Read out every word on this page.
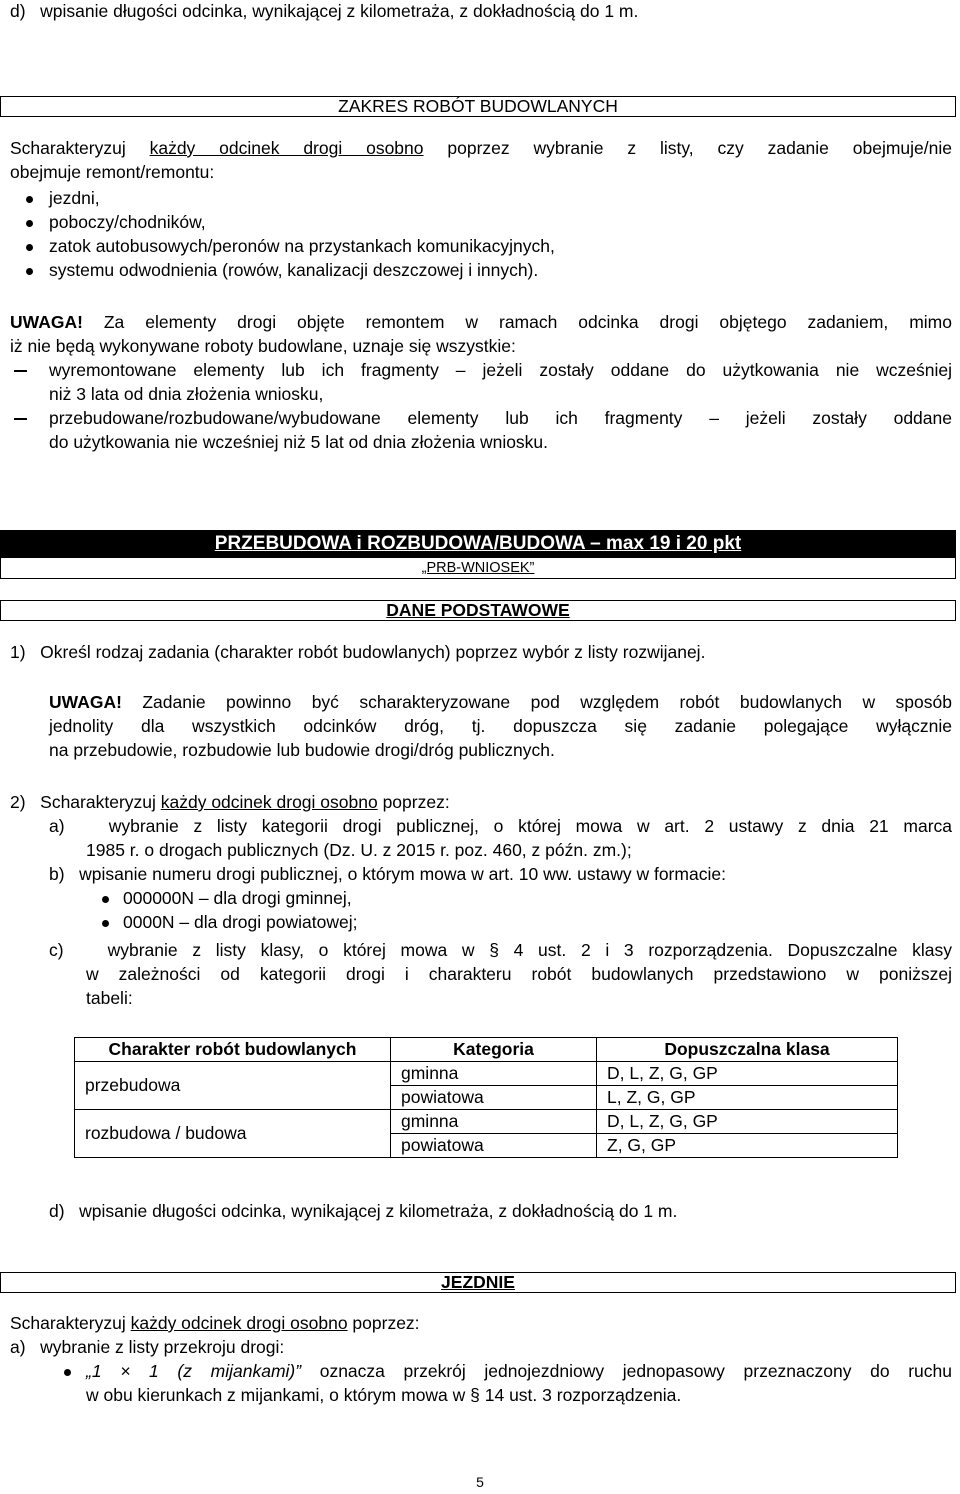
d)   wpisanie długości odcinka, wynikającej z kilometraża, z dokładnością do 1 m.
ZAKRES ROBÓT BUDOWLANYCH
Scharakteryzuj każdy odcinek drogi osobno poprzez wybranie z listy, czy zadanie obejmuje/nie
obejmuje remont/remontu:
jezdni,
poboczy/chodników,
zatok autobusowych/peronów na przystankach komunikacyjnych,
systemu odwodnienia (rowów, kanalizacji deszczowej i innych).
UWAGA! Za elementy drogi objęte remontem w ramach odcinka drogi objętego zadaniem, mimo
iż nie będą wykonywane roboty budowlane, uznaje się wszystkie:
wyremontowane elementy lub ich fragmenty – jeżeli zostały oddane do użytkowania nie wcześniej
niż 3 lata od dnia złożenia wniosku,
przebudowane/rozbudowane/wybudowane elementy lub ich fragmenty – jeżeli zostały oddane
do użytkowania nie wcześniej niż 5 lat od dnia złożenia wniosku.
PRZEBUDOWA i ROZBUDOWA/BUDOWA – max 19 i 20 pkt
„PRB-WNIOSEK”
DANE PODSTAWOWE
1)   Określ rodzaj zadania (charakter robót budowlanych) poprzez wybór z listy rozwijanej.
UWAGA! Zadanie powinno być scharakteryzowane pod względem robót budowlanych w sposób
jednolity dla wszystkich odcinków dróg, tj. dopuszcza się zadanie polegające wyłącznie
na przebudowie, rozbudowie lub budowie drogi/dróg publicznych.
2)   Scharakteryzuj każdy odcinek drogi osobno poprzez:
a)   wybranie z listy kategorii drogi publicznej, o której mowa w art. 2 ustawy z dnia 21 marca
1985 r. o drogach publicznych (Dz. U. z 2015 r. poz. 460, z późn. zm.);
b)   wpisanie numeru drogi publicznej, o którym mowa w art. 10 ww. ustawy w formacie:
000000N – dla drogi gminnej,
0000N – dla drogi powiatowej;
c)   wybranie z listy klasy, o której mowa w § 4 ust. 2 i 3 rozporządzenia. Dopuszczalne klasy
w zależności od kategorii drogi i charakteru robót budowlanych przedstawiono w poniższej
tabeli:
Charakter robót budowlanych	Kategoria	Dopuszczalna klasa
przebudowa	gminna	D, L, Z, G, GP
	powiatowa	L, Z, G, GP
rozbudowa / budowa	gminna	D, L, Z, G, GP
	powiatowa	Z, G, GP
d)   wpisanie długości odcinka, wynikającej z kilometraża, z dokładnością do 1 m.
JEZDNIE
Scharakteryzuj każdy odcinek drogi osobno poprzez:
a)   wybranie z listy przekroju drogi:
„1 × 1 (z mijankami)” oznacza przekrój jednojezdniowy jednopasowy przeznaczony do ruchu
w obu kierunkach z mijankami, o którym mowa w § 14 ust. 3 rozporządzenia.
5
